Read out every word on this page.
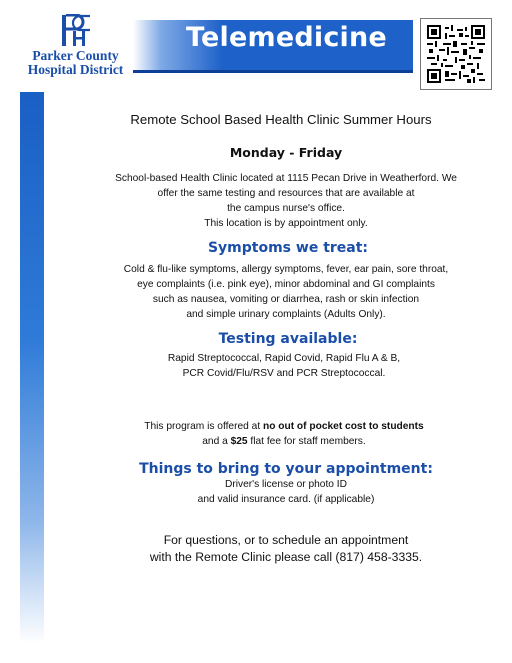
Parker County
Hospital District
Telemedicine
Remote School Based Health Clinic Summer Hours
Monday - Friday
School-based Health Clinic located at 1115 Pecan Drive in Weatherford. We
offer the same testing and resources that are available at
the campus nurse's office.
This location is by appointment only.
Symptoms we treat:
Cold & flu-like symptoms, allergy symptoms, fever, ear pain, sore throat,
eye complaints (i.e. pink eye), minor abdominal and GI complaints
such as nausea, vomiting or diarrhea, rash or skin infection
and simple urinary complaints (Adults Only).
Testing available:
Rapid Streptococcal, Rapid Covid, Rapid Flu A & B,
PCR Covid/Flu/RSV and PCR Streptococcal.
This program is offered at no out of pocket cost to students
and a $25 flat fee for staff members.
Things to bring to your appointment:
Driver's license or photo ID
and valid insurance card. (if applicable)
For questions, or to schedule an appointment
with the Remote Clinic please call (817) 458-3335.
